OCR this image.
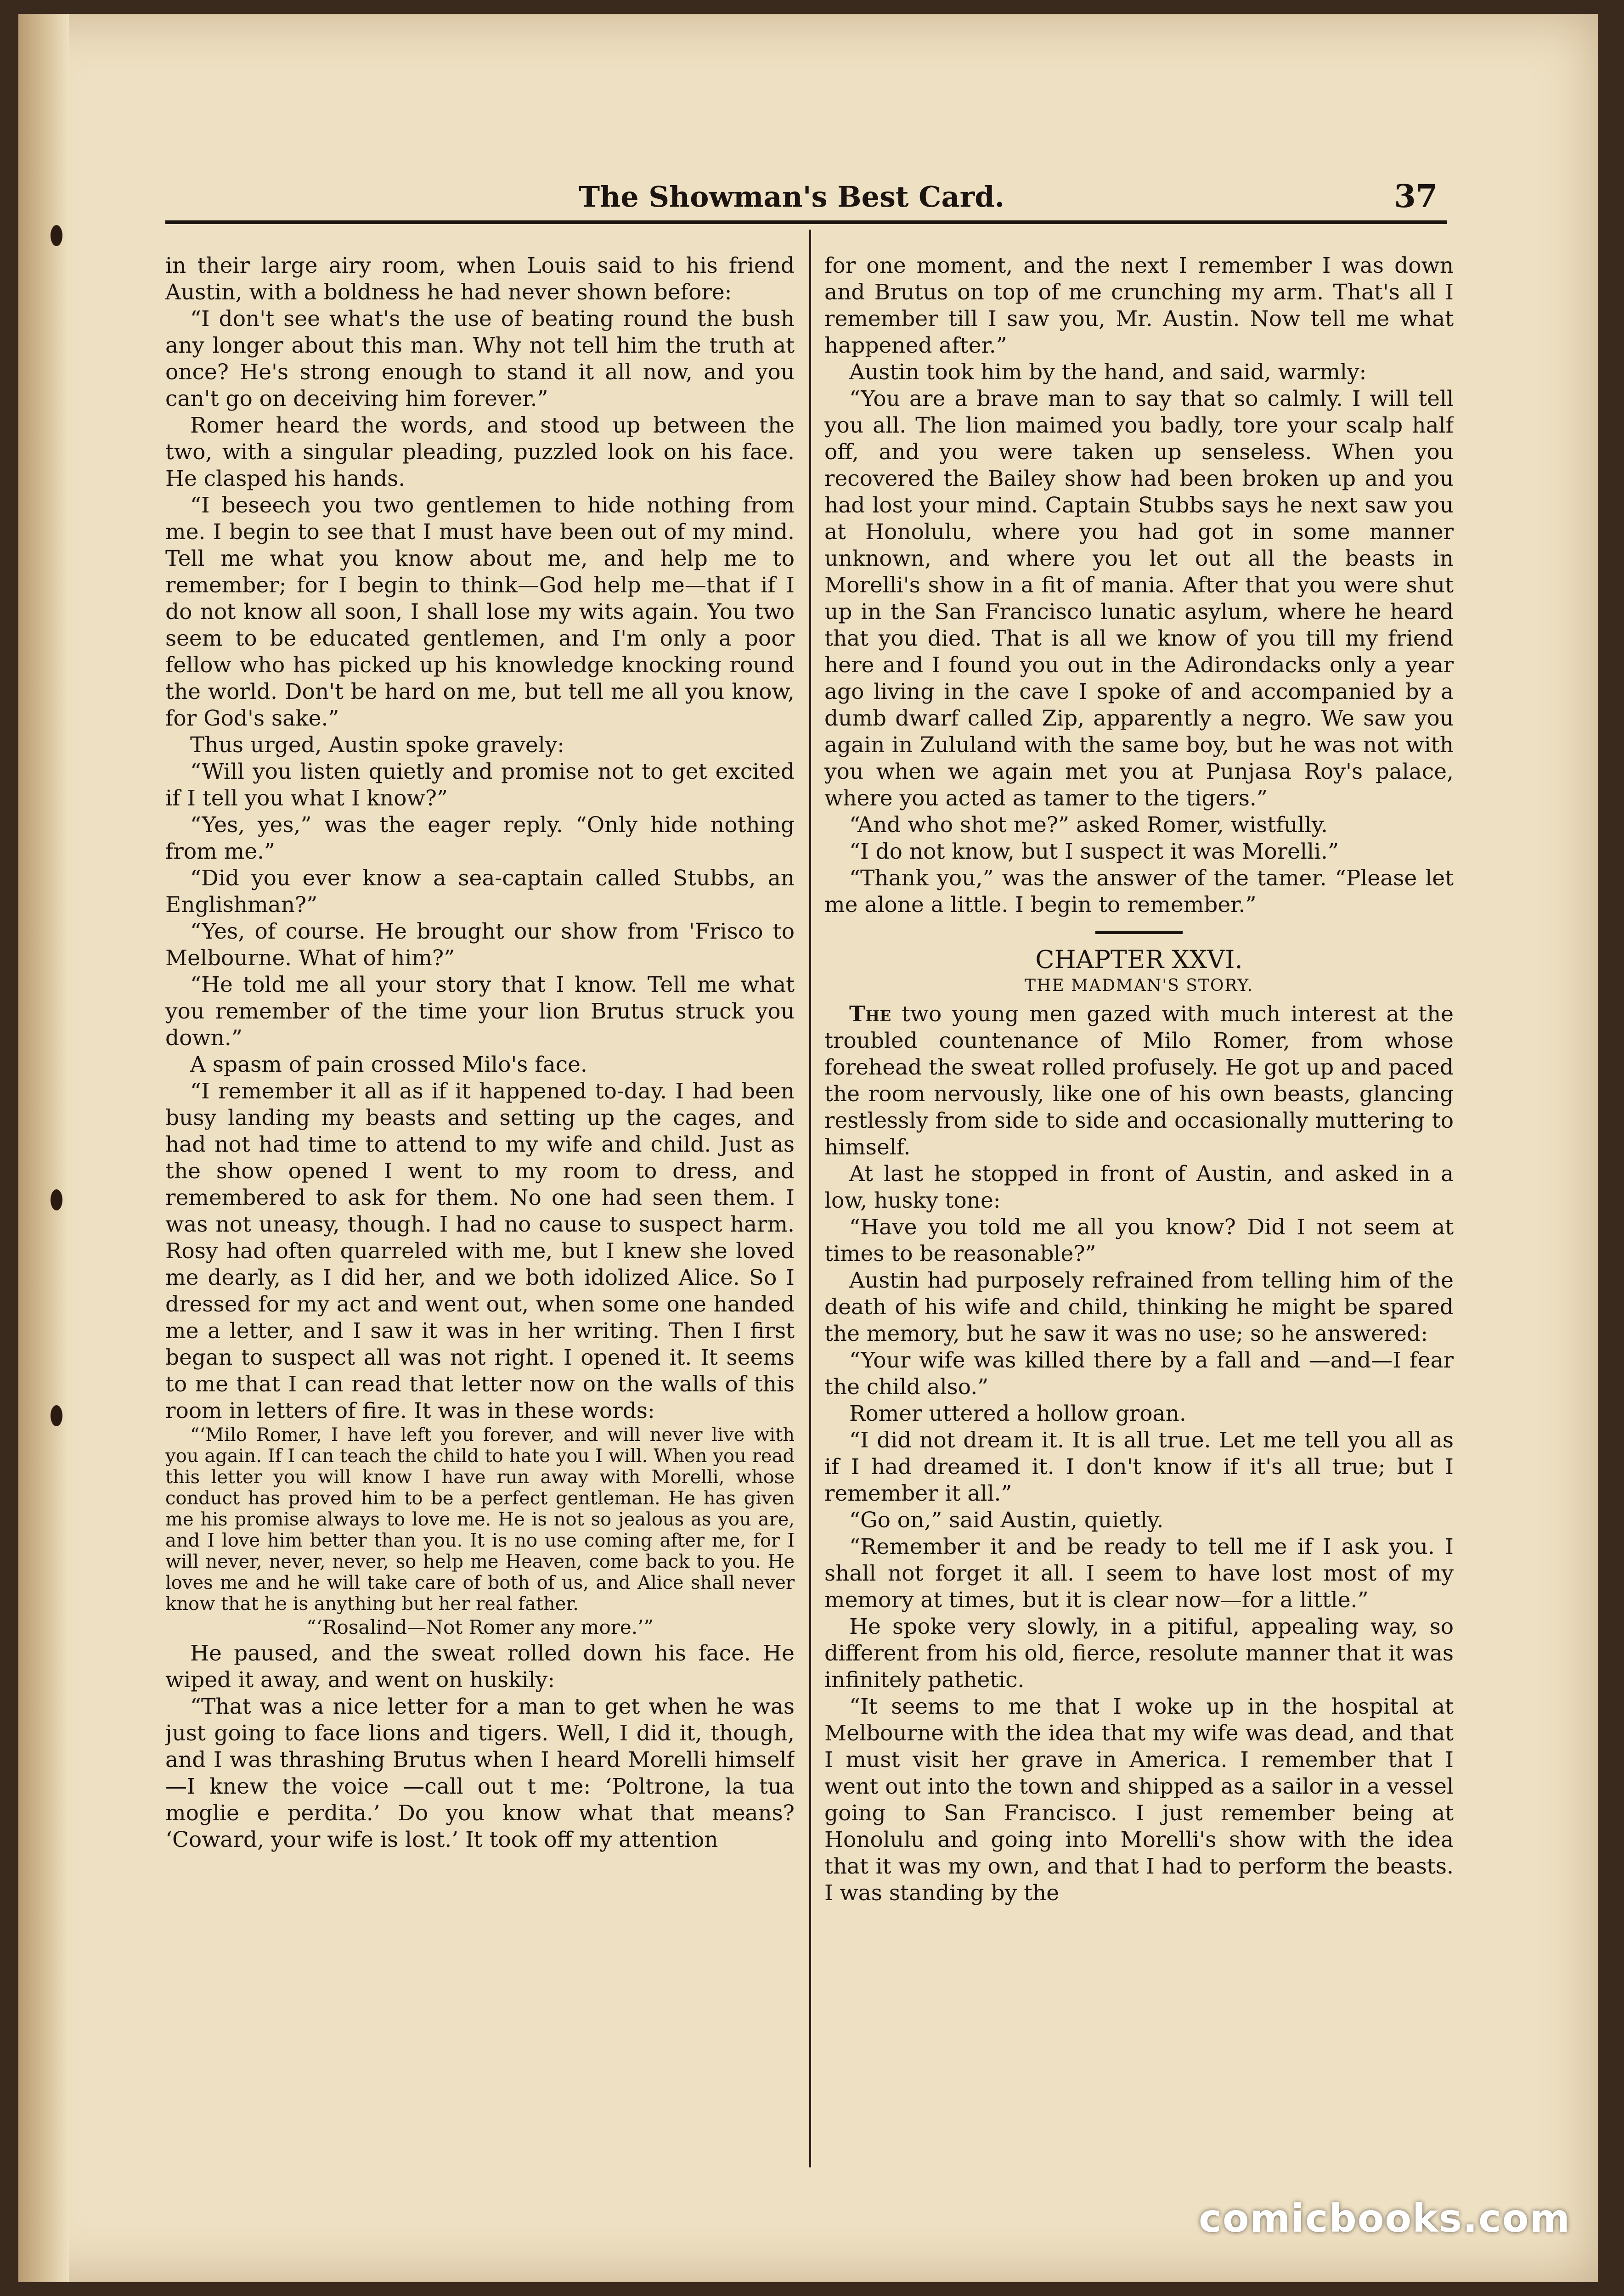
The Showman's Best Card.	37

in their large airy room, when Louis said to his friend Austin, with a boldness he had never shown before:

“I don't see what's the use of beating round the bush any longer about this man. Why not tell him the truth at once? He's strong enough to stand it all now, and you can't go on deceiving him forever.”

Romer heard the words, and stood up between the two, with a singular pleading, puzzled look on his face. He clasped his hands.

“I beseech you two gentlemen to hide nothing from me. I begin to see that I must have been out of my mind. Tell me what you know about me, and help me to remember; for I begin to think—God help me—that if I do not know all soon, I shall lose my wits again. You two seem to be educated gentlemen, and I'm only a poor fellow who has picked up his knowledge knocking round the world. Don't be hard on me, but tell me all you know, for God's sake.”

Thus urged, Austin spoke gravely:

“Will you listen quietly and promise not to get excited if I tell you what I know?”

“Yes, yes,” was the eager reply. “Only hide nothing from me.”

“Did you ever know a sea-captain called Stubbs, an Englishman?”

“Yes, of course. He brought our show from 'Frisco to Melbourne. What of him?”

“He told me all your story that I know. Tell me what you remember of the time your lion Brutus struck you down.”

A spasm of pain crossed Milo's face.

“I remember it all as if it happened to-day. I had been busy landing my beasts and setting up the cages, and had not had time to attend to my wife and child. Just as the show opened I went to my room to dress, and remembered to ask for them. No one had seen them. I was not uneasy, though. I had no cause to suspect harm. Rosy had often quarreled with me, but I knew she loved me dearly, as I did her, and we both idolized Alice. So I dressed for my act and went out, when some one handed me a letter, and I saw it was in her writing. Then I first began to suspect all was not right. I opened it. It seems to me that I can read that letter now on the walls of this room in letters of fire. It was in these words:

“‘Milo Romer, I have left you forever, and will never live with you again. If I can teach the child to hate you I will. When you read this letter you will know I have run away with Morelli, whose conduct has proved him to be a perfect gentleman. He has given me his promise always to love me. He is not so jealous as you are, and I love him better than you. It is no use coming after me, for I will never, never, never, so help me Heaven, come back to you. He loves me and he will take care of both of us, and Alice shall never know that he is anything but her real father.

“‘Rosalind—Not Romer any more.’”

He paused, and the sweat rolled down his face. He wiped it away, and went on huskily:

“That was a nice letter for a man to get when he was just going to face lions and tigers. Well, I did it, though, and I was thrashing Brutus when I heard Morelli himself—I knew the voice —call out t me: ‘Poltrone, la tua moglie e perdita.’ Do you know what that means? ‘Coward, your wife is lost.’ It took off my attention

for one moment, and the next I remember I was down and Brutus on top of me crunching my arm. That's all I remember till I saw you, Mr. Austin. Now tell me what happened after.”

Austin took him by the hand, and said, warmly:

“You are a brave man to say that so calmly. I will tell you all. The lion maimed you badly, tore your scalp half off, and you were taken up senseless. When you recovered the Bailey show had been broken up and you had lost your mind. Captain Stubbs says he next saw you at Honolulu, where you had got in some manner unknown, and where you let out all the beasts in Morelli's show in a fit of mania. After that you were shut up in the San Francisco lunatic asylum, where he heard that you died. That is all we know of you till my friend here and I found you out in the Adirondacks only a year ago living in the cave I spoke of and accompanied by a dumb dwarf called Zip, apparently a negro. We saw you again in Zululand with the same boy, but he was not with you when we again met you at Punjasa Roy's palace, where you acted as tamer to the tigers.”

“And who shot me?” asked Romer, wistfully.

“I do not know, but I suspect it was Morelli.”

“Thank you,” was the answer of the tamer. “Please let me alone a little. I begin to remember.”

CHAPTER XXVI.
THE MADMAN'S STORY.

The two young men gazed with much interest at the troubled countenance of Milo Romer, from whose forehead the sweat rolled profusely. He got up and paced the room nervously, like one of his own beasts, glancing restlessly from side to side and occasionally muttering to himself.

At last he stopped in front of Austin, and asked in a low, husky tone:

“Have you told me all you know? Did I not seem at times to be reasonable?”

Austin had purposely refrained from telling him of the death of his wife and child, thinking he might be spared the memory, but he saw it was no use; so he answered:

“Your wife was killed there by a fall and —and—I fear the child also.”

Romer uttered a hollow groan.

“I did not dream it. It is all true. Let me tell you all as if I had dreamed it. I don't know if it's all true; but I remember it all.”

“Go on,” said Austin, quietly.

“Remember it and be ready to tell me if I ask you. I shall not forget it all. I seem to have lost most of my memory at times, but it is clear now—for a little.”

He spoke very slowly, in a pitiful, appealing way, so different from his old, fierce, resolute manner that it was infinitely pathetic.

“It seems to me that I woke up in the hospital at Melbourne with the idea that my wife was dead, and that I must visit her grave in America. I remember that I went out into the town and shipped as a sailor in a vessel going to San Francisco. I just remember being at Honolulu and going into Morelli's show with the idea that it was my own, and that I had to perform the beasts. I was standing by the

comicbooks.com
